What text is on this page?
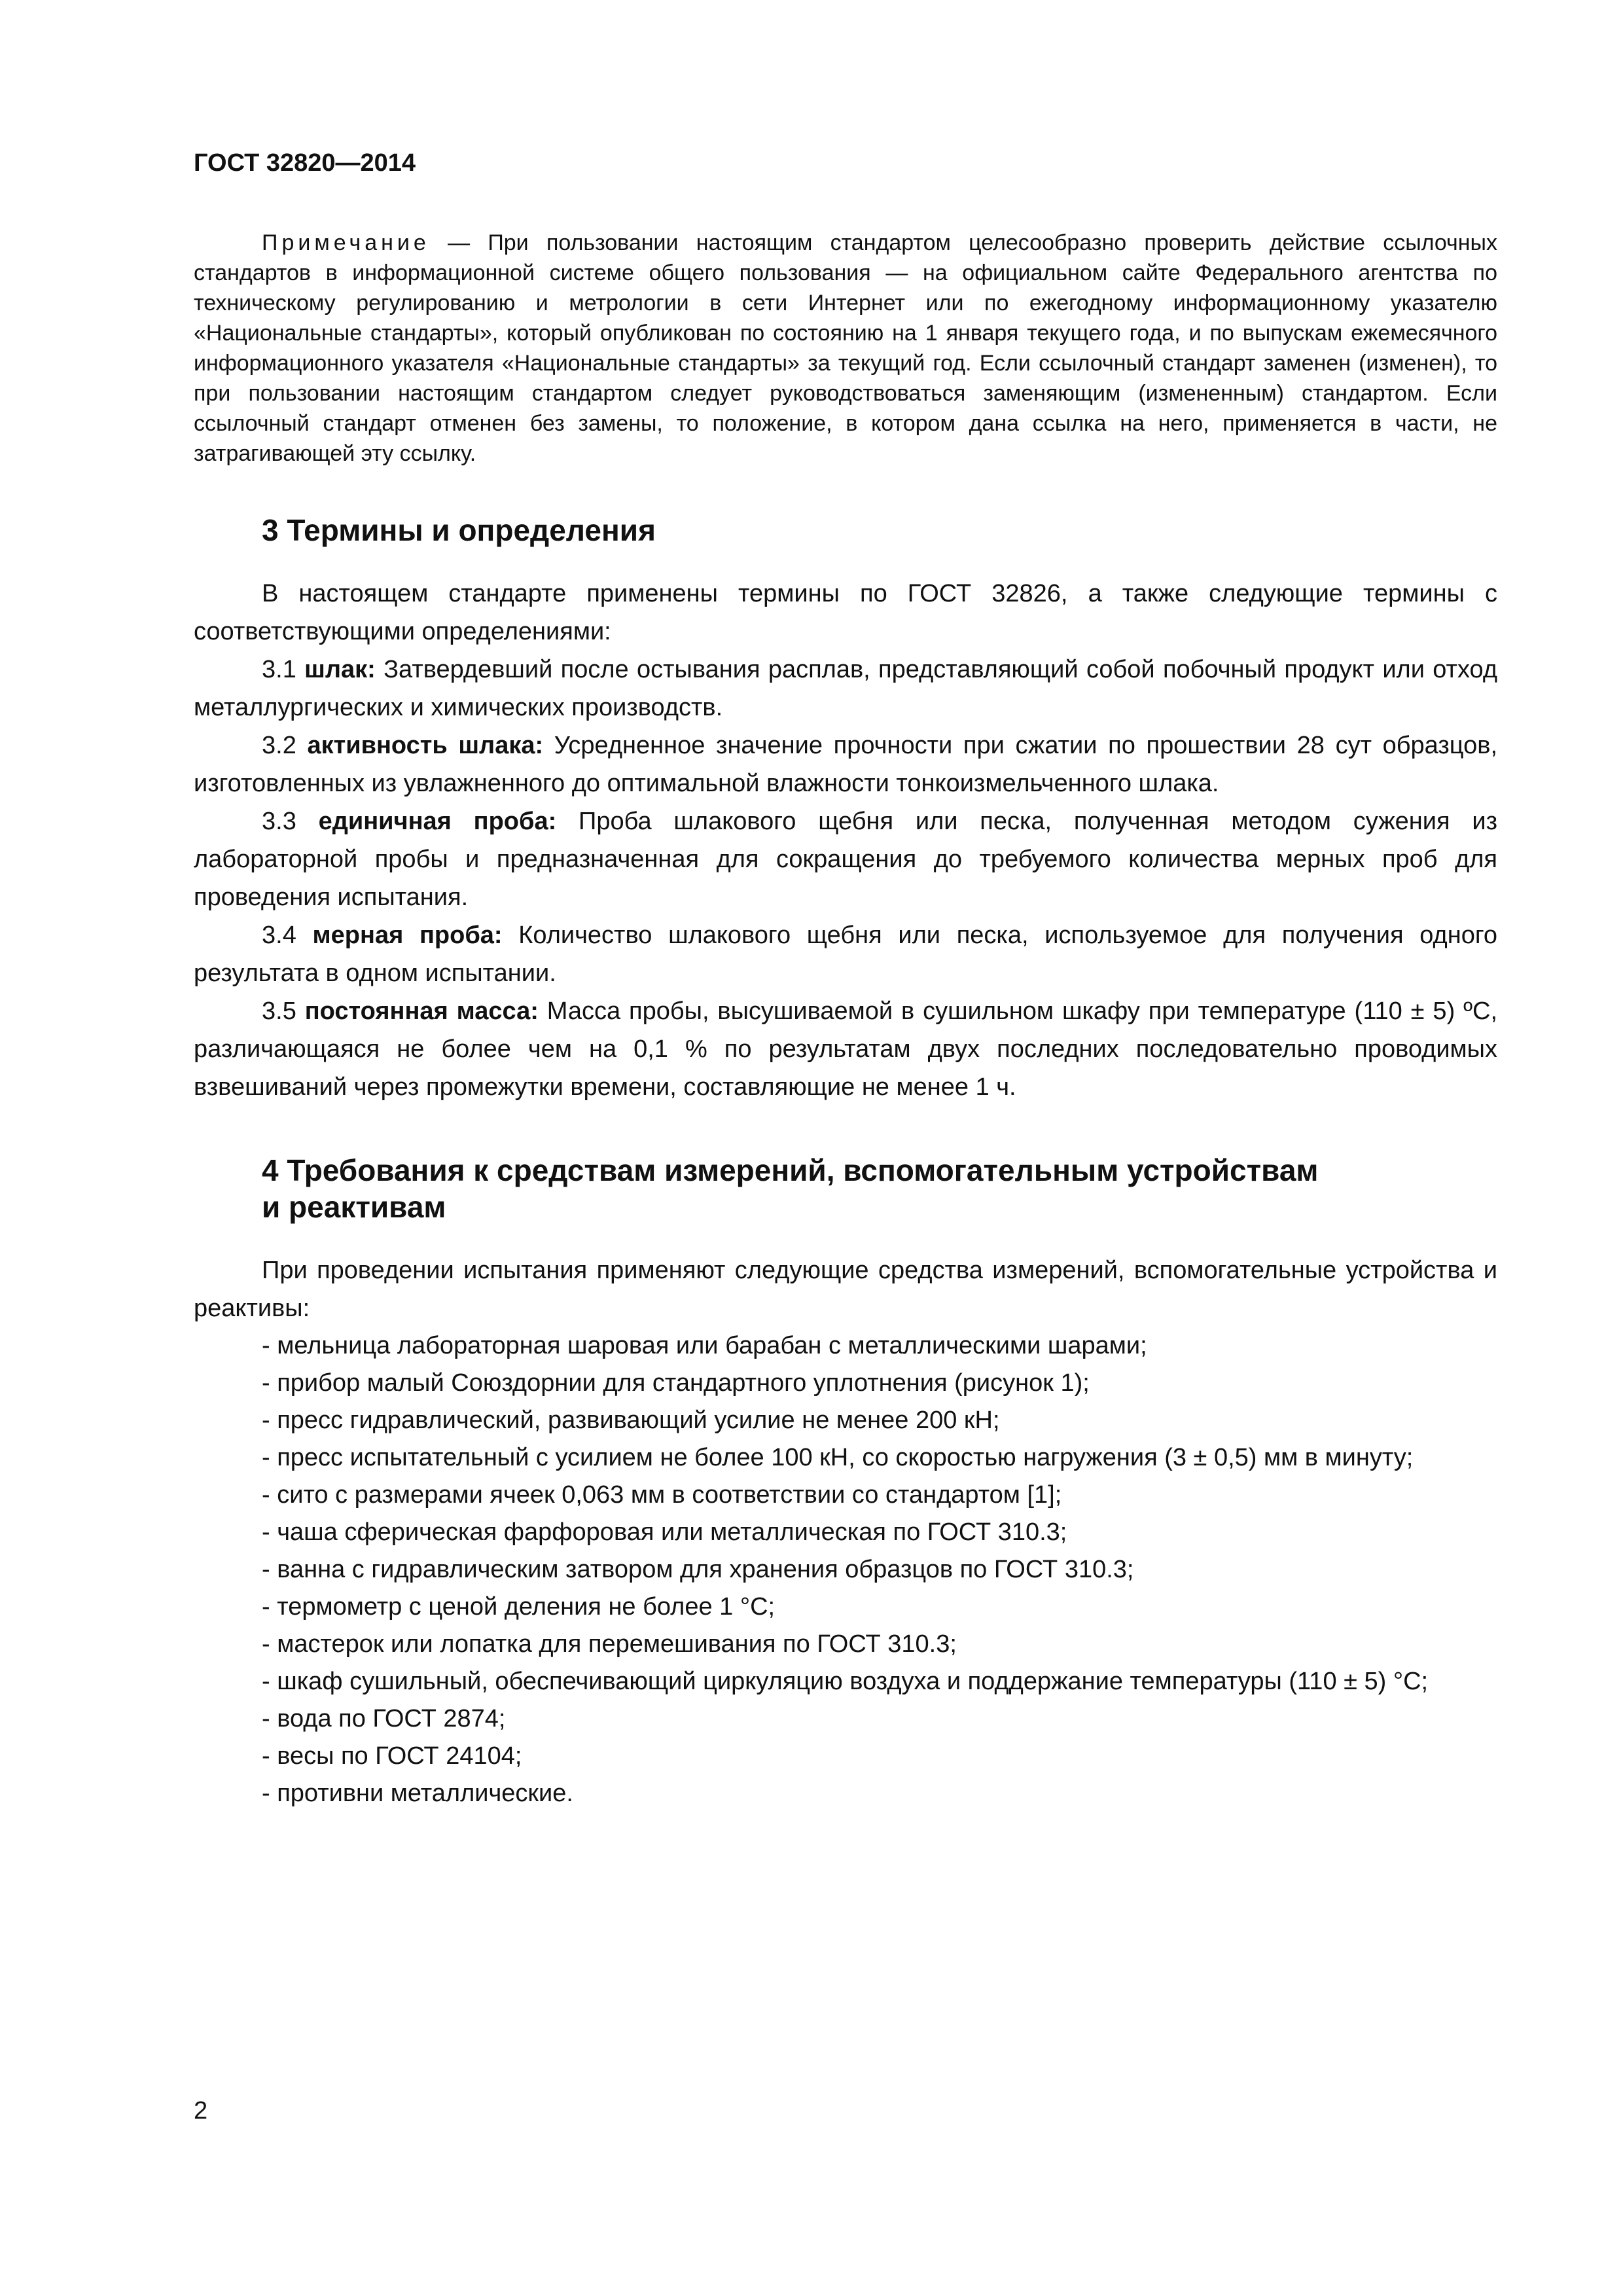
ГОСТ 32820—2014

Примечание — При пользовании настоящим стандартом целесообразно проверить действие ссылочных стандартов в информационной системе общего пользования — на официальном сайте Федерального агентства по техническому регулированию и метрологии в сети Интернет или по ежегодному информационному указателю «Национальные стандарты», который опубликован по состоянию на 1 января текущего года, и по выпускам ежемесячного информационного указателя «Национальные стандарты» за текущий год. Если ссылочный стандарт заменен (изменен), то при пользовании настоящим стандартом следует руководствоваться заменяющим (измененным) стандартом. Если ссылочный стандарт отменен без замены, то положение, в котором дана ссылка на него, применяется в части, не затрагивающей эту ссылку.

3 Термины и определения

В настоящем стандарте применены термины по ГОСТ 32826, а также следующие термины с соответствующими определениями:

3.1 шлак: Затвердевший после остывания расплав, представляющий собой побочный продукт или отход металлургических и химических производств.

3.2 активность шлака: Усредненное значение прочности при сжатии по прошествии 28 сут образцов, изготовленных из увлажненного до оптимальной влажности тонкоизмельченного шлака.

3.3 единичная проба: Проба шлакового щебня или песка, полученная методом сужения из лабораторной пробы и предназначенная для сокращения до требуемого количества мерных проб для проведения испытания.

3.4 мерная проба: Количество шлакового щебня или песка, используемое для получения одного результата в одном испытании.

3.5 постоянная масса: Масса пробы, высушиваемой в сушильном шкафу при температуре (110 ± 5) ºС, различающаяся не более чем на 0,1 % по результатам двух последних последовательно проводимых взвешиваний через промежутки времени, составляющие не менее 1 ч.

4 Требования к средствам измерений, вспомогательным устройствам
и реактивам

При проведении испытания применяют следующие средства измерений, вспомогательные устройства и реактивы:

- мельница лабораторная шаровая или барабан с металлическими шарами;
- прибор малый Союздорнии для стандартного уплотнения (рисунок 1);
- пресс гидравлический, развивающий усилие не менее 200 кН;
- пресс испытательный с усилием не более 100 кН, со скоростью нагружения (3 ± 0,5) мм в минуту;
- сито с размерами ячеек 0,063 мм в соответствии со стандартом [1];
- чаша сферическая фарфоровая или металлическая по ГОСТ 310.3;
- ванна с гидравлическим затвором для хранения образцов по ГОСТ 310.3;
- термометр с ценой деления не более 1 °С;
- мастерок или лопатка для перемешивания по ГОСТ 310.3;
- шкаф сушильный, обеспечивающий циркуляцию воздуха и поддержание температуры (110 ± 5) °С;
- вода по ГОСТ 2874;
- весы по ГОСТ 24104;
- противни металлические.
2
